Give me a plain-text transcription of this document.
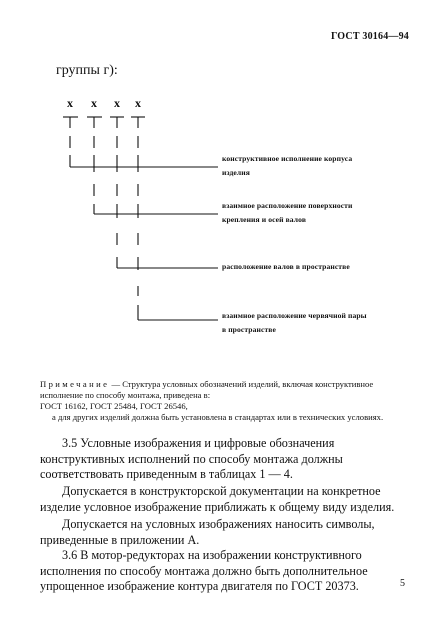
ГОСТ 30164—94
группы г):
х х х х
конструктивное исполнение корпуса
изделия
взаимное расположение поверхности
крепления и осей валов
расположение валов в пространстве
взаимное расположение червячной пары
в пространстве
Примечание — Структура условных обозначений изделий, включая конструктивное исполнение по способу монтажа, приведена в:
ГОСТ 16162, ГОСТ 25484, ГОСТ 26546,
а для других изделий должна быть установлена в стандартах или в технических условиях.
3.5 Условные изображения и цифровые обозначения конструктивных исполнений по способу монтажа должны соответствовать приведенным в таблицах 1 — 4.
Допускается в конструкторской документации на конкретное изделие условное изображение приближать к общему виду изделия.
Допускается на условных изображениях наносить символы, приведенные в приложении А.
3.6 В мотор-редукторах на изображении конструктивного исполнения по способу монтажа должно быть дополнительное упрощенное изображение контура двигателя по ГОСТ 20373.	5
